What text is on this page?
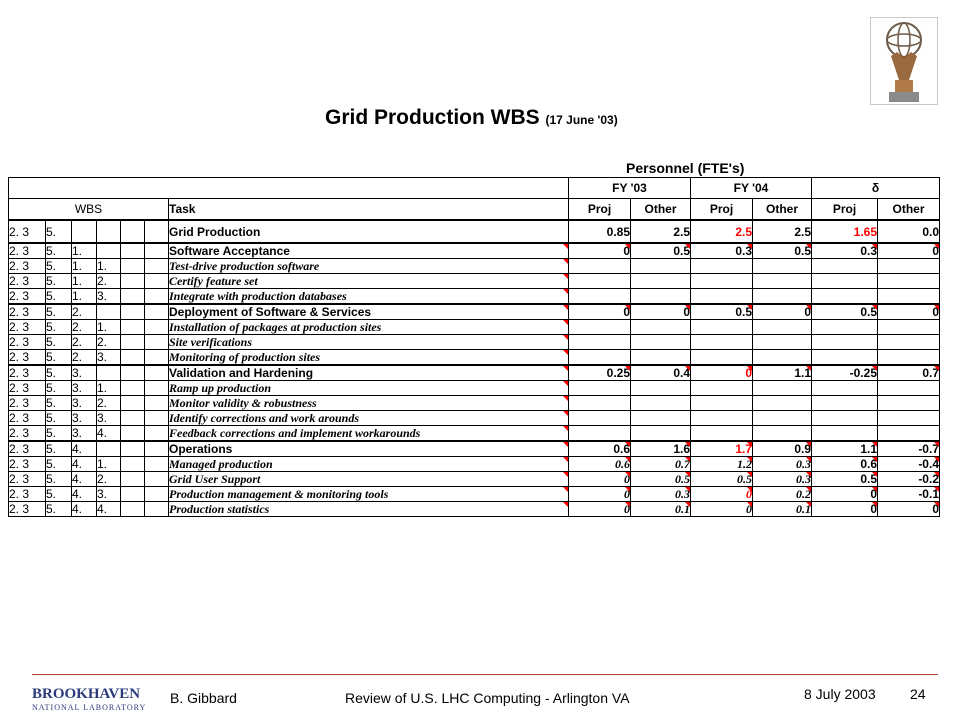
Grid Production WBS (17 June '03)
Personnel (FTE's)
							FY '03		FY '04		δ	
WBS						Task	Proj	Other	Proj	Other	Proj	Other
2. 3	5.					Grid Production	0.85	2.5	2.5	2.5	1.65	0.0
2. 3	5.	1.				Software Acceptance	0	0.5	0.3	0.5	0.3	0
2. 3	5.	1.	1.			Test-drive production software						
2. 3	5.	1.	2.			Certify feature set						
2. 3	5.	1.	3.			Integrate with production databases						
2. 3	5.	2.				Deployment of Software & Services	0	0	0.5	0	0.5	0
2. 3	5.	2.	1.			Installation of packages at production sites						
2. 3	5.	2.	2.			Site verifications						
2. 3	5.	2.	3.			Monitoring of production sites						
2. 3	5.	3.				Validation and Hardening	0.25	0.4	0	1.1	-0.25	0.7
2. 3	5.	3.	1.			Ramp up production						
2. 3	5.	3.	2.			Monitor validity & robustness						
2. 3	5.	3.	3.			Identify corrections and work arounds						
2. 3	5.	3.	4.			Feedback corrections and implement workarounds						
2. 3	5.	4.				Operations	0.6	1.6	1.7	0.9	1.1	-0.7
2. 3	5.	4.	1.			Managed production	0.6	0.7	1.2	0.3	0.6	-0.4
2. 3	5.	4.	2.			Grid User Support	0	0.5	0.5	0.3	0.5	-0.2
2. 3	5.	4.	3.			Production management & monitoring tools	0	0.3	0	0.2	0	-0.1
2. 3	5.	4.	4.			Production statistics	0	0.1	0	0.1	0	0
BROOKHAVEN
NATIONAL LABORATORY
B. Gibbard	Review of U.S. LHC Computing - Arlington VA	8 July 2003 24
